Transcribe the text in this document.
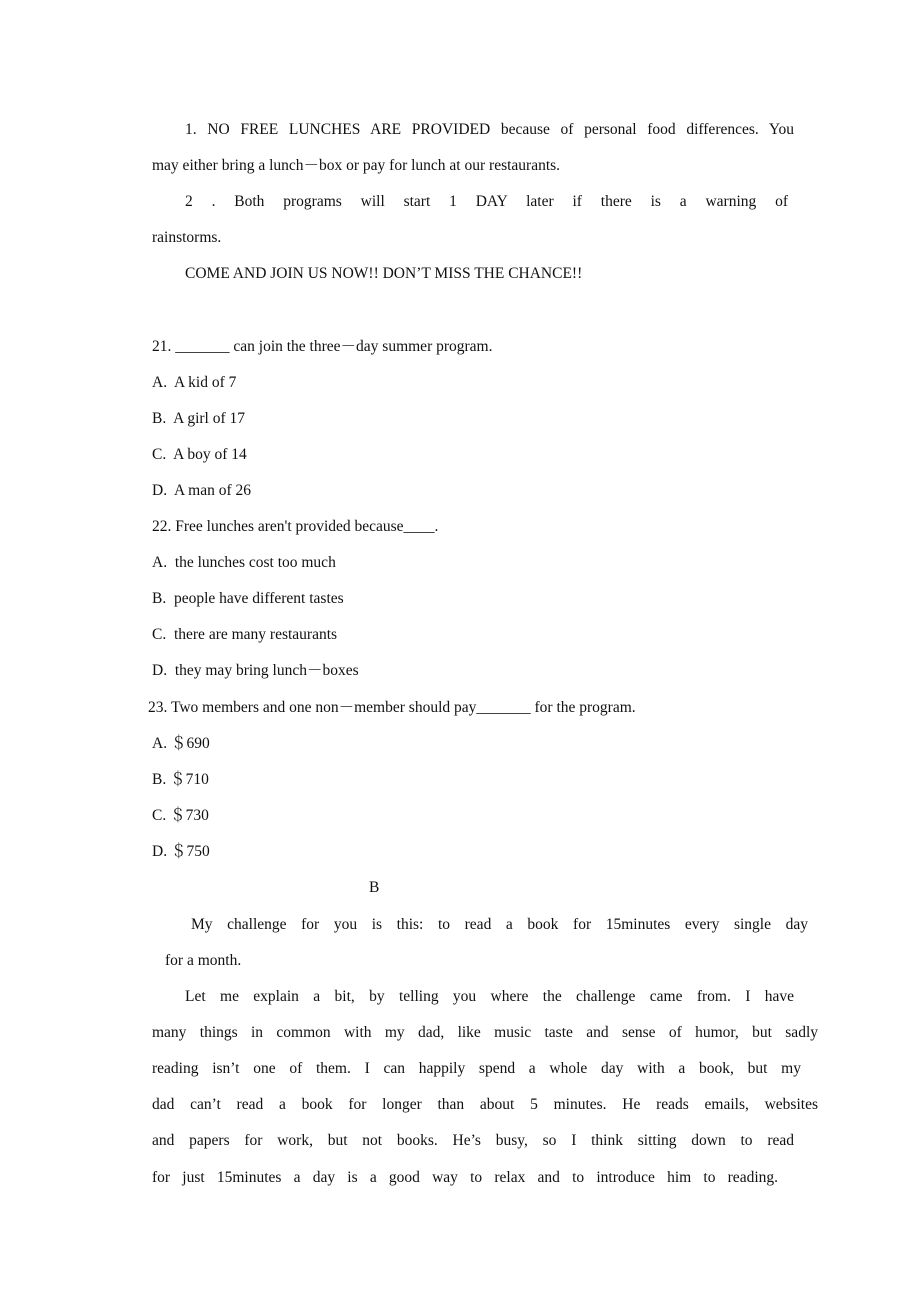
1. NO FREE LUNCHES ARE PROVIDED because of personal food differences. You
may either bring a lunch－box or pay for lunch at our restaurants.
2 . Both programs will start 1 DAY later if there is a warning of
rainstorms.
COME AND JOIN US NOW!! DON’T MISS THE CHANCE!!
21. _______ can join the three－day summer program.
A.  A kid of 7
B.  A girl of 17
C.  A boy of 14
D.  A man of 26
22. Free lunches aren't provided because____.
A.  the lunches cost too much
B.  people have different tastes
C.  there are many restaurants
D.  they may bring lunch－boxes
23. Two members and one non－member should pay_______ for the program.
A. ＄690
B. ＄710
C. ＄730
D. ＄750
B
My challenge for you is this: to read a book for 15minutes every single day
for a month.
Let me explain a bit, by telling you where the challenge came from. I have
many things in common with my dad, like music taste and sense of humor, but sadly
reading isn’t one of them. I can happily spend a whole day with a book, but my
dad can’t read a book for longer than about 5 minutes. He reads emails, websites
and papers for work, but not books. He’s busy, so I think sitting down to read
for just 15minutes a day is a good way to relax and to introduce him to reading.
